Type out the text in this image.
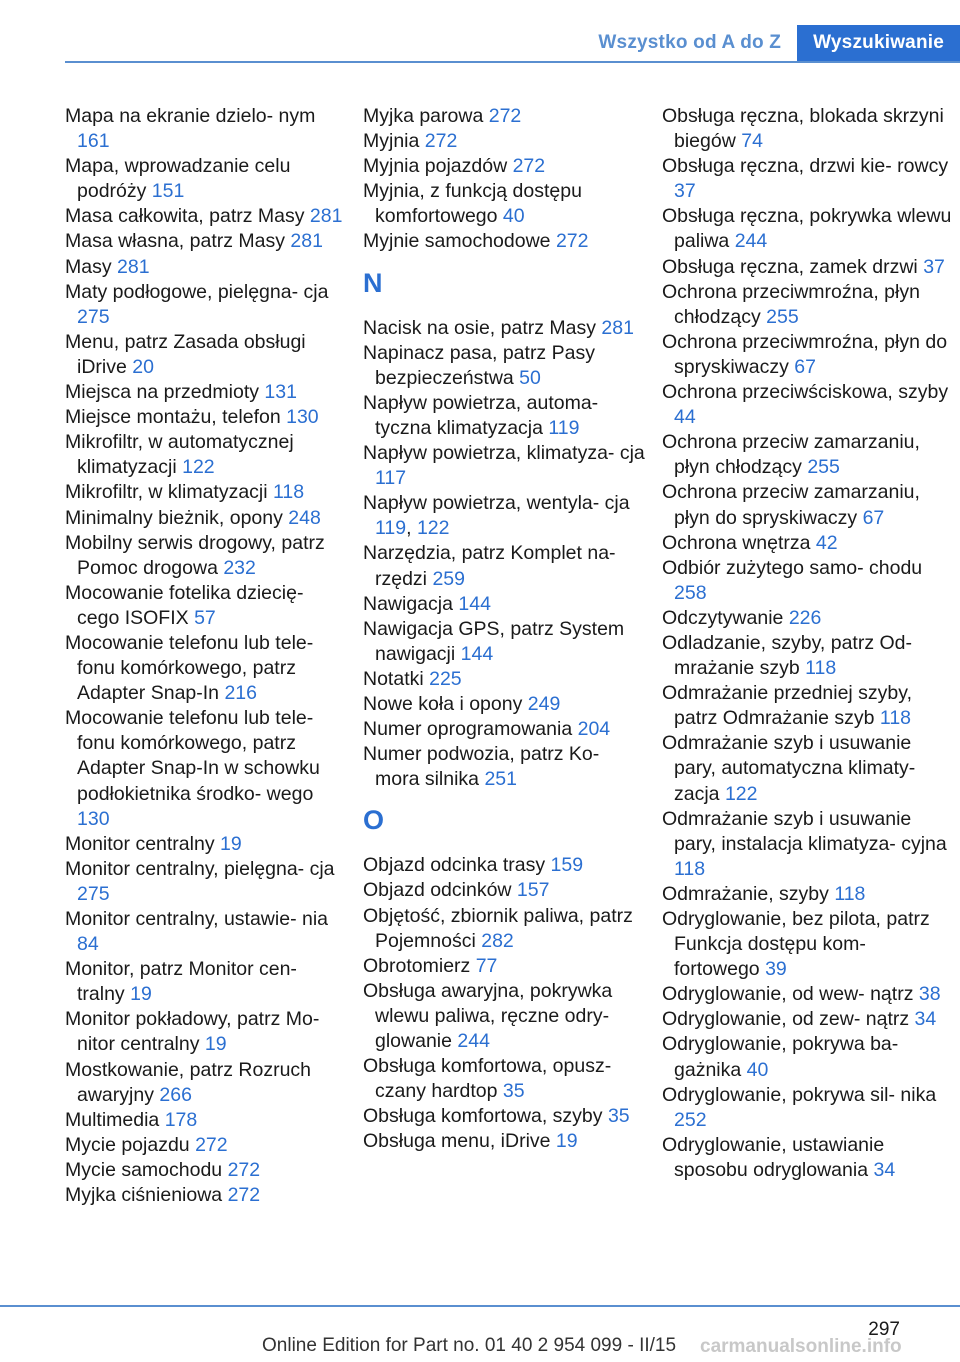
Wszystko od A do Z	Wyszukiwanie
Mapa na ekranie dzielo- nym 161
Mapa, wprowadzanie celu podróży 151
Masa całkowita, patrz Masy 281
Masa własna, patrz Masy 281
Masy 281
Maty podłogowe, pielęgna- cja 275
Menu, patrz Zasada obsługi iDrive 20
Miejsca na przedmioty 131
Miejsce montażu, telefon 130
Mikrofiltr, w automatycznej klimatyzacji 122
Mikrofiltr, w klimatyzacji 118
Minimalny bieżnik, opony 248
Mobilny serwis drogowy, patrz Pomoc drogowa 232
Mocowanie fotelika dziecię- cego ISOFIX 57
Mocowanie telefonu lub tele- fonu komórkowego, patrz Adapter Snap-In 216
Mocowanie telefonu lub tele- fonu komórkowego, patrz Adapter Snap-In w schowku podłokietnika środko- wego 130
Monitor centralny 19
Monitor centralny, pielęgna- cja 275
Monitor centralny, ustawie- nia 84
Monitor, patrz Monitor cen- tralny 19
Monitor pokładowy, patrz Mo- nitor centralny 19
Mostkowanie, patrz Rozruch awaryjny 266
Multimedia 178
Mycie pojazdu 272
Mycie samochodu 272
Myjka ciśnieniowa 272
Myjka parowa 272
Myjnia 272
Myjnia pojazdów 272
Myjnia, z funkcją dostępu komfortowego 40
Myjnie samochodowe 272
N
Nacisk na osie, patrz Masy 281
Napinacz pasa, patrz Pasy bezpieczeństwa 50
Napływ powietrza, automa- tyczna klimatyzacja 119
Napływ powietrza, klimatyza- cja 117
Napływ powietrza, wentyla- cja 119, 122
Narzędzia, patrz Komplet na- rzędzi 259
Nawigacja 144
Nawigacja GPS, patrz System nawigacji 144
Notatki 225
Nowe koła i opony 249
Numer oprogramowania 204
Numer podwozia, patrz Ko- mora silnika 251
O
Objazd odcinka trasy 159
Objazd odcinków 157
Objętość, zbiornik paliwa, patrz Pojemności 282
Obrotomierz 77
Obsługa awaryjna, pokrywka wlewu paliwa, ręczne odry- glowanie 244
Obsługa komfortowa, opusz- czany hardtop 35
Obsługa komfortowa, szyby 35
Obsługa menu, iDrive 19
Obsługa ręczna, blokada skrzyni biegów 74
Obsługa ręczna, drzwi kie- rowcy 37
Obsługa ręczna, pokrywka wlewu paliwa 244
Obsługa ręczna, zamek drzwi 37
Ochrona przeciwmroźna, płyn chłodzący 255
Ochrona przeciwmroźna, płyn do spryskiwaczy 67
Ochrona przeciwściskowa, szyby 44
Ochrona przeciw zamarzaniu, płyn chłodzący 255
Ochrona przeciw zamarzaniu, płyn do spryskiwaczy 67
Ochrona wnętrza 42
Odbiór zużytego samo- chodu 258
Odczytywanie 226
Odladzanie, szyby, patrz Od- mrażanie szyb 118
Odmrażanie przedniej szyby, patrz Odmrażanie szyb 118
Odmrażanie szyb i usuwanie pary, automatyczna klimaty- zacja 122
Odmrażanie szyb i usuwanie pary, instalacja klimatyza- cyjna 118
Odmrażanie, szyby 118
Odryglowanie, bez pilota, patrz Funkcja dostępu kom- fortowego 39
Odryglowanie, od wew- nątrz 38
Odryglowanie, od zew- nątrz 34
Odryglowanie, pokrywa ba- gażnika 40
Odryglowanie, pokrywa sil- nika 252
Odryglowanie, ustawianie sposobu odryglowania 34
297
Online Edition for Part no. 01 40 2 954 099 - II/15 carmanualsonline.info
